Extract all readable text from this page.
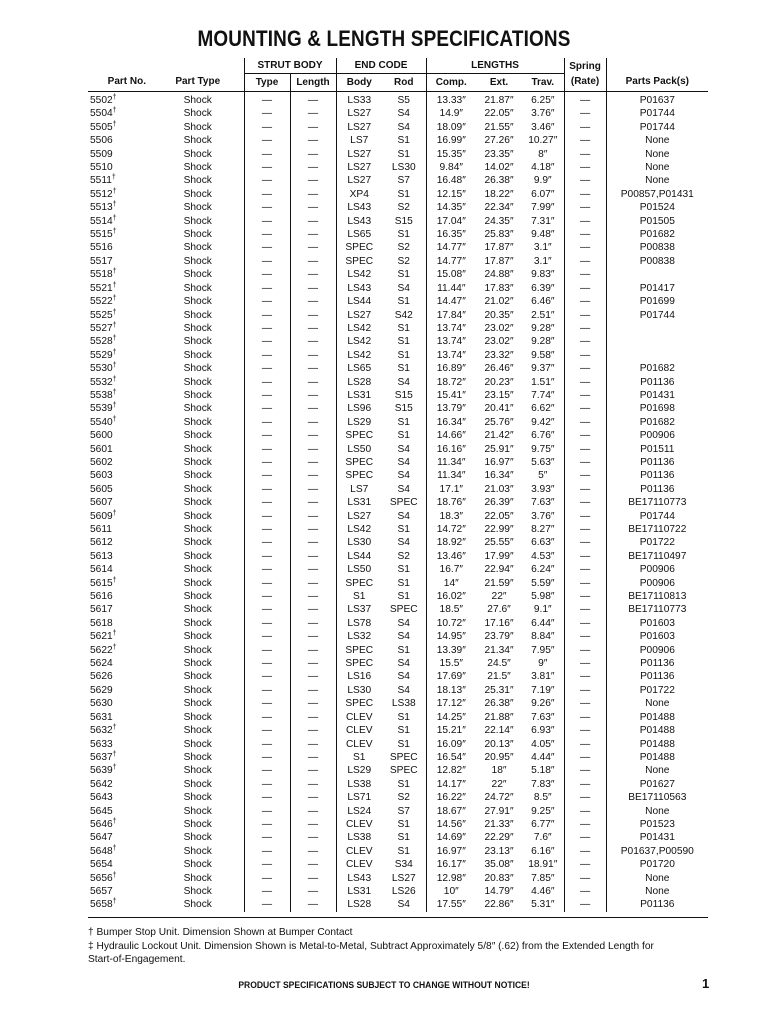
MOUNTING & LENGTH SPECIFICATIONS
		STRUT BODY		END CODE		LENGTHS			Spring	
Part No.	Part Type	Type	Length	Body	Rod	Comp.	Ext.	Trav.	(Rate)	Parts Pack(s)
5502†	Shock	—	—	LS33	S5	13.33″	21.87″	6.25″	—	P01637
5504†	Shock	—	—	LS27	S4	14.9″	22.05″	3.76″	—	P01744
5505†	Shock	—	—	LS27	S4	18.09″	21.55″	3.46″	—	P01744
5506	Shock	—	—	LS7	S1	16.99″	27.26″	10.27″	—	None
5509	Shock	—	—	LS27	S1	15.35″	23.35″	8″	—	None
5510	Shock	—	—	LS27	LS30	9.84″	14.02″	4.18″	—	None
5511†	Shock	—	—	LS27	S7	16.48″	26.38″	9.9″	—	None
5512†	Shock	—	—	XP4	S1	12.15″	18.22″	6.07″	—	P00857,P01431
5513†	Shock	—	—	LS43	S2	14.35″	22.34″	7.99″	—	P01524
5514†	Shock	—	—	LS43	S15	17.04″	24.35″	7.31″	—	P01505
5515†	Shock	—	—	LS65	S1	16.35″	25.83″	9.48″	—	P01682
5516	Shock	—	—	SPEC	S2	14.77″	17.87″	3.1″	—	P00838
5517	Shock	—	—	SPEC	S2	14.77″	17.87″	3.1″	—	P00838
5518†	Shock	—	—	LS42	S1	15.08″	24.88″	9.83″	—	
5521†	Shock	—	—	LS43	S4	11.44″	17.83″	6.39″	—	P01417
5522†	Shock	—	—	LS44	S1	14.47″	21.02″	6.46″	—	P01699
5525†	Shock	—	—	LS27	S42	17.84″	20.35″	2.51″	—	P01744
5527†	Shock	—	—	LS42	S1	13.74″	23.02″	9.28″	—	
5528†	Shock	—	—	LS42	S1	13.74″	23.02″	9.28″	—	
5529†	Shock	—	—	LS42	S1	13.74″	23.32″	9.58″	—	
5530†	Shock	—	—	LS65	S1	16.89″	26.46″	9.37″	—	P01682
5532†	Shock	—	—	LS28	S4	18.72″	20.23″	1.51″	—	P01136
5538†	Shock	—	—	LS31	S15	15.41″	23.15″	7.74″	—	P01431
5539†	Shock	—	—	LS96	S15	13.79″	20.41″	6.62″	—	P01698
5540†	Shock	—	—	LS29	S1	16.34″	25.76″	9.42″	—	P01682
5600	Shock	—	—	SPEC	S1	14.66″	21.42″	6.76″	—	P00906
5601	Shock	—	—	LS50	S4	16.16″	25.91″	9.75″	—	P01511
5602	Shock	—	—	SPEC	S4	11.34″	16.97″	5.63″	—	P01136
5603	Shock	—	—	SPEC	S4	11.34″	16.34″	5″	—	P01136
5605	Shock	—	—	LS7	S4	17.1″	21.03″	3.93″	—	P01136
5607	Shock	—	—	LS31	SPEC	18.76″	26.39″	7.63″	—	BE17110773
5609†	Shock	—	—	LS27	S4	18.3″	22.05″	3.76″	—	P01744
5611	Shock	—	—	LS42	S1	14.72″	22.99″	8.27″	—	BE17110722
5612	Shock	—	—	LS30	S4	18.92″	25.55″	6.63″	—	P01722
5613	Shock	—	—	LS44	S2	13.46″	17.99″	4.53″	—	BE17110497
5614	Shock	—	—	LS50	S1	16.7″	22.94″	6.24″	—	P00906
5615†	Shock	—	—	SPEC	S1	14″	21.59″	5.59″	—	P00906
5616	Shock	—	—	S1	S1	16.02″	22″	5.98″	—	BE17110813
5617	Shock	—	—	LS37	SPEC	18.5″	27.6″	9.1″	—	BE17110773
5618	Shock	—	—	LS78	S4	10.72″	17.16″	6.44″	—	P01603
5621†	Shock	—	—	LS32	S4	14.95″	23.79″	8.84″	—	P01603
5622†	Shock	—	—	SPEC	S1	13.39″	21.34″	7.95″	—	P00906
5624	Shock	—	—	SPEC	S4	15.5″	24.5″	9″	—	P01136
5626	Shock	—	—	LS16	S4	17.69″	21.5″	3.81″	—	P01136
5629	Shock	—	—	LS30	S4	18.13″	25.31″	7.19″	—	P01722
5630	Shock	—	—	SPEC	LS38	17.12″	26.38″	9.26″	—	None
5631	Shock	—	—	CLEV	S1	14.25″	21.88″	7.63″	—	P01488
5632†	Shock	—	—	CLEV	S1	15.21″	22.14″	6.93″	—	P01488
5633	Shock	—	—	CLEV	S1	16.09″	20.13″	4.05″	—	P01488
5637†	Shock	—	—	S1	SPEC	16.54″	20.95″	4.44″	—	P01488
5639†	Shock	—	—	LS29	SPEC	12.82″	18″	5.18″	—	None
5642	Shock	—	—	LS38	S1	14.17″	22″	7.83″	—	P01627
5643	Shock	—	—	LS71	S2	16.22″	24.72″	8.5″	—	BE17110563
5645	Shock	—	—	LS24	S7	18.67″	27.91″	9.25″	—	None
5646†	Shock	—	—	CLEV	S1	14.56″	21.33″	6.77″	—	P01523
5647	Shock	—	—	LS38	S1	14.69″	22.29″	7.6″	—	P01431
5648†	Shock	—	—	CLEV	S1	16.97″	23.13″	6.16″	—	P01637,P00590
5654	Shock	—	—	CLEV	S34	16.17″	35.08″	18.91″	—	P01720
5656†	Shock	—	—	LS43	LS27	12.98″	20.83″	7.85″	—	None
5657	Shock	—	—	LS31	LS26	10″	14.79″	4.46″	—	None
5658†	Shock	—	—	LS28	S4	17.55″	22.86″	5.31″	—	P01136
† Bumper Stop Unit. Dimension Shown at Bumper Contact
‡ Hydraulic Lockout Unit. Dimension Shown is Metal-to-Metal, Subtract Approximately 5/8″ (.62) from the Extended Length for Start-of-Engagement.
PRODUCT SPECIFICATIONS SUBJECT TO CHANGE WITHOUT NOTICE!	1
